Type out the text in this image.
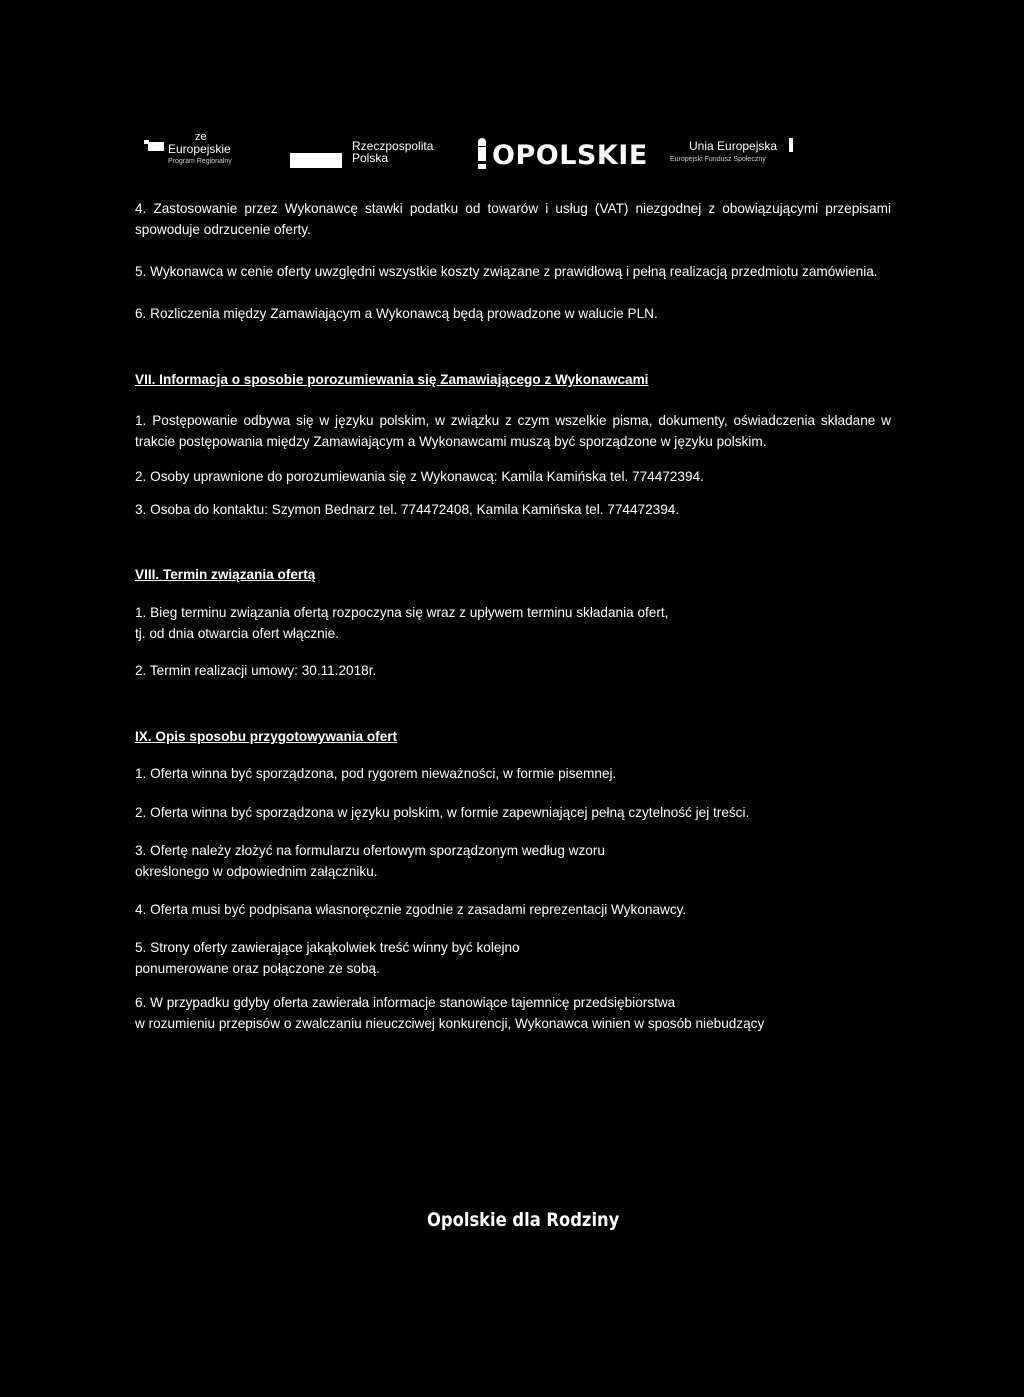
ze
Europejskie
Program Regionalny
Rzeczpospolita
Polska	OPOLSKIE	Unia Europejska
Europejski Fundusz Społeczny

4. Zastosowanie przez Wykonawcę stawki podatku od towarów i usług (VAT) niezgodnej z obowiązującymi przepisami spowoduje odrzucenie oferty.

5. Wykonawca w cenie oferty uwzględni wszystkie koszty związane z prawidłową i pełną realizacją przedmiotu zamówienia.

6. Rozliczenia między Zamawiającym a Wykonawcą będą prowadzone w walucie PLN.

VII. Informacja o sposobie porozumiewania się Zamawiającego z Wykonawcami

1. Postępowanie odbywa się w języku polskim, w związku z czym wszelkie pisma, dokumenty, oświadczenia składane w trakcie postępowania między Zamawiającym a Wykonawcami muszą być sporządzone w języku polskim.

2. Osoby uprawnione do porozumiewania się z Wykonawcą: Kamila Kamińska tel. 774472394.

3. Osoba do kontaktu: Szymon Bednarz tel. 774472408, Kamila Kamińska tel. 774472394.

VIII. Termin związania ofertą

1. Bieg terminu związania ofertą rozpoczyna się wraz z upływem terminu składania ofert,
tj. od dnia otwarcia ofert włącznie.

2. Termin realizacji umowy: 30.11.2018r.

IX. Opis sposobu przygotowywania ofert

1. Oferta winna być sporządzona, pod rygorem nieważności, w formie pisemnej.

2. Oferta winna być sporządzona w języku polskim, w formie zapewniającej pełną czytelność jej treści.

3. Ofertę należy złożyć na formularzu ofertowym sporządzonym według wzoru
określonego w odpowiednim załączniku.

4. Oferta musi być podpisana własnoręcznie zgodnie z zasadami reprezentacji Wykonawcy.

5. Strony oferty zawierające jakąkolwiek treść winny być kolejno
ponumerowane oraz połączone ze sobą.

6. W przypadku gdyby oferta zawierała informacje stanowiące tajemnicę przedsiębiorstwa
w rozumieniu przepisów o zwalczaniu nieuczciwej konkurencji, Wykonawca winien w sposób niebudzący

Opolskie dla Rodziny
